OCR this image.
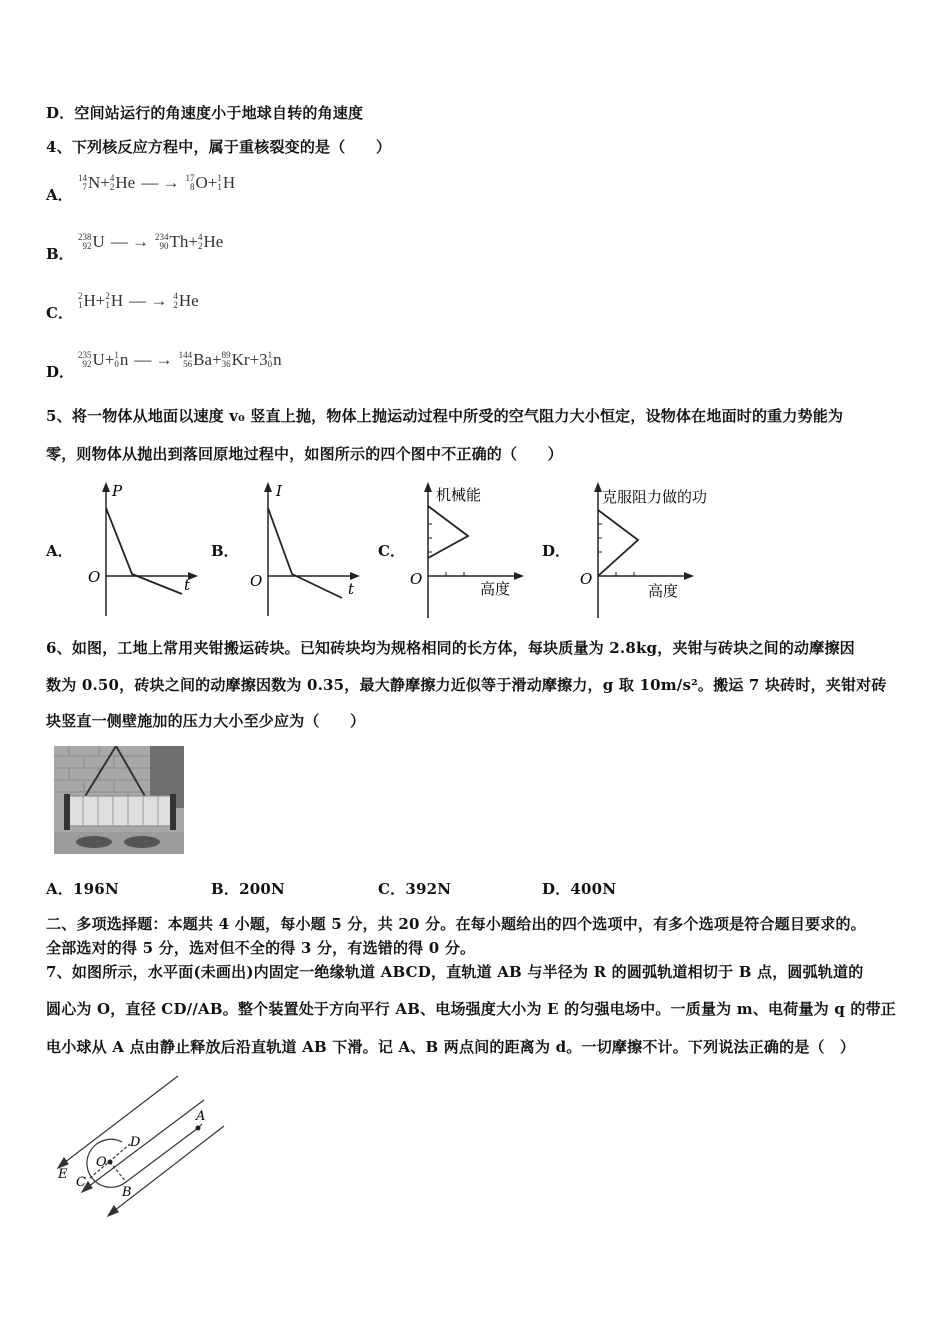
D．空间站运行的角速度小于地球自转的角速度
4、下列核反应方程中，属于重核裂变的是（　　）
A．
14
7 N+ 4
2 He — → 17
8 O+ 1
1 H
B．
238
92 U — → 234
90 Th+ 4
2 He
C．
2
1 H+ 2
1 H — → 4
2 He
D．
235
92 U+ 1
0 n — → 144
56 Ba+ 89
36 Kr+3 1
0 n
5、将一物体从地面以速度 v₀ 竖直上抛，物体上抛运动过程中所受的空气阻力大小恒定，设物体在地面时的重力势能为
零，则物体从抛出到落回原地过程中，如图所示的四个图中不正确的（　　）
A．
P
O	t
B．
I
O	t
C．
机械能
O
高度
D．
克服阻力做的功
O
高度
6、如图，工地上常用夹钳搬运砖块。已知砖块均为规格相同的长方体，每块质量为 2.8kg，夹钳与砖块之间的动摩擦因
数为 0.50，砖块之间的动摩擦因数为 0.35，最大静摩擦力近似等于滑动摩擦力，g 取 10m/s²。搬运 7 块砖时，夹钳对砖
块竖直一侧壁施加的压力大小至少应为（　　）
A．196N	B．200N	C．392N	D．400N
二、多项选择题：本题共 4 小题，每小题 5 分，共 20 分。在每小题给出的四个选项中，有多个选项是符合题目要求的。
全部选对的得 5 分，选对但不全的得 3 分，有选错的得 0 分。
7、如图所示，水平面(未画出)内固定一绝缘轨道 ABCD，直轨道 AB 与半径为 R 的圆弧轨道相切于 B 点，圆弧轨道的
圆心为 O，直径 CD//AB。整个装置处于方向平行 AB、电场强度大小为 E 的匀强电场中。一质量为 m、电荷量为 q 的带正
电小球从 A 点由静止释放后沿直轨道 AB 下滑。记 A、B 两点间的距离为 d。一切摩擦不计。下列说法正确的是（　）
A
B
C
D
O
E
